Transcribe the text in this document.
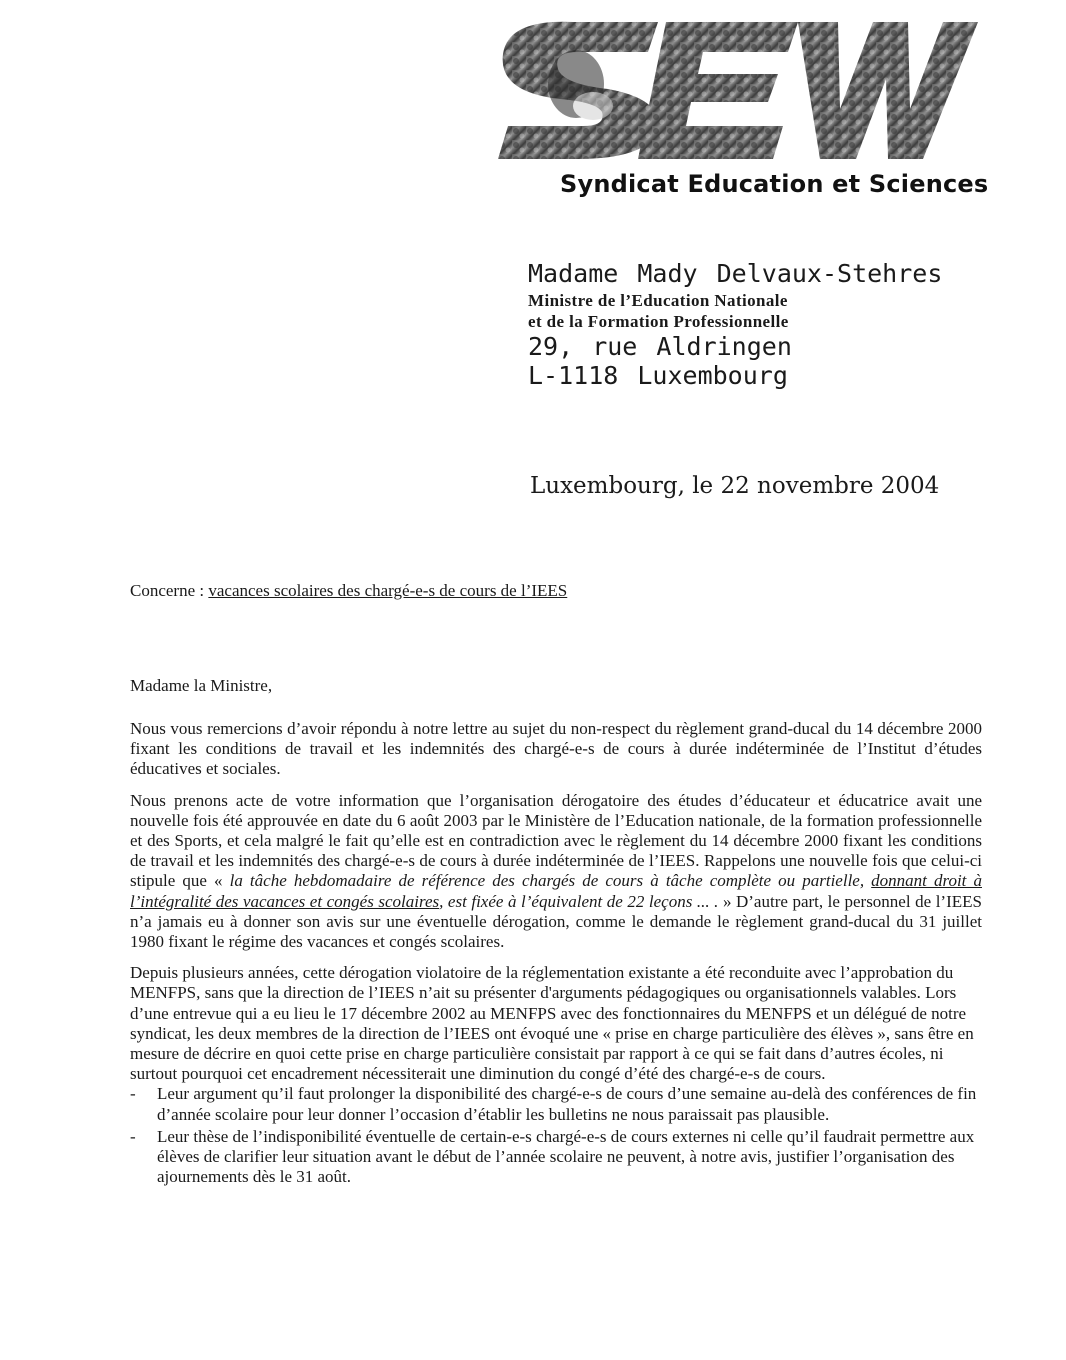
Syndicat Education et Sciences
Madame Mady Delvaux-Stehres
Ministre de l’Education Nationale
et de la Formation Professionnelle
29, rue Aldringen
L-1118 Luxembourg
Luxembourg, le 22 novembre 2004
Concerne : vacances scolaires des chargé-e-s de cours de l’IEES
Madame la Ministre,

Nous vous remercions d’avoir répondu à notre lettre au sujet du non-respect du règlement grand-ducal du 14 décembre 2000 fixant les conditions de travail et les indemnités des chargé-e-s de cours à durée indéterminée de l’Institut d’études éducatives et sociales.

Nous prenons acte de votre information que l’organisation dérogatoire des études d’éducateur et éducatrice avait une nouvelle fois été approuvée en date du 6 août 2003 par le Ministère de l’Education nationale, de la formation professionnelle et des Sports, et cela malgré le fait qu’elle est en contradiction avec le règlement du 14 décembre 2000 fixant les conditions de travail et les indemnités des chargé-e-s de cours à durée indéterminée de l’IEES. Rappelons une nouvelle fois que celui-ci stipule que « la tâche hebdomadaire de référence des chargés de cours à tâche complète ou partielle, donnant droit à l’intégralité des vacances et congés scolaires, est fixée à l’équivalent de 22 leçons ... . » D’autre part, le personnel de l’IEES n’a jamais eu à donner son avis sur une éventuelle dérogation, comme le demande le règlement grand-ducal du 31 juillet 1980 fixant le régime des vacances et congés scolaires.

Depuis plusieurs années, cette dérogation violatoire de la réglementation existante a été reconduite avec l’approbation du MENFPS, sans que la direction de l’IEES n’ait su présenter d'arguments pédagogiques ou organisationnels valables. Lors d’une entrevue qui a eu lieu le 17 décembre 2002 au MENFPS avec des fonctionnaires du MENFPS et un délégué de notre syndicat, les deux membres de la direction de l’IEES ont évoqué une « prise en charge particulière des élèves », sans être en mesure de décrire en quoi cette prise en charge particulière consistait par rapport à ce qui se fait dans d’autres écoles, ni surtout pourquoi cet encadrement nécessiterait une diminution du congé d’été des chargé-e-s de cours.

- Leur argument qu’il faut prolonger la disponibilité des chargé-e-s de cours d’une semaine au-delà des conférences de fin d’année scolaire pour leur donner l’occasion d’établir les bulletins ne nous paraissait pas plausible.
- Leur thèse de l’indisponibilité éventuelle de certain-e-s chargé-e-s de cours externes ni celle qu’il faudrait permettre aux élèves de clarifier leur situation avant le début de l’année scolaire ne peuvent, à notre avis, justifier l’organisation des ajournements dès le 31 août.
